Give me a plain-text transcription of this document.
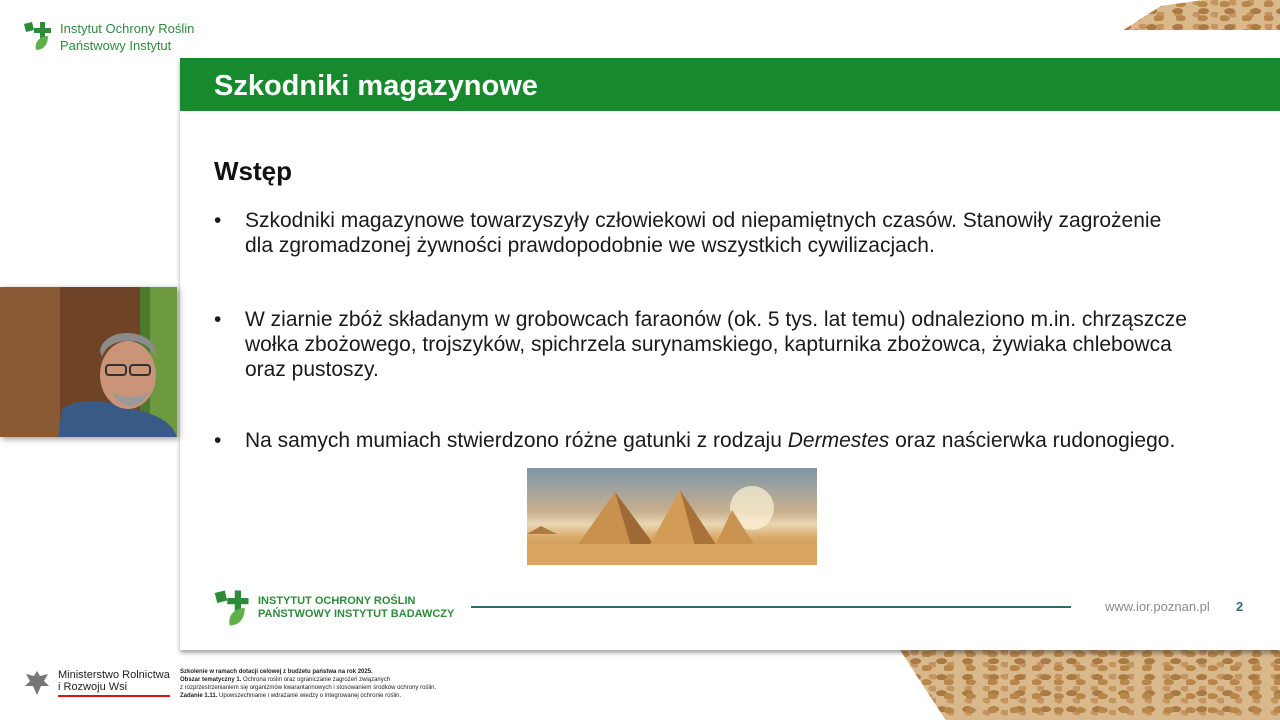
Instytut Ochrony Roślin
Państwowy Instytut
Szkodniki magazynowe
Wstęp
•	Szkodniki magazynowe towarzyszyły człowiekowi od niepamiętnych czasów. Stanowiły zagrożenie dla zgromadzonej żywności prawdopodobnie we wszystkich cywilizacjach.
•	W ziarnie zbóż składanym w grobowcach faraonów (ok. 5 tys. lat temu) odnaleziono m.in. chrząszcze wołka zbożowego, trojszyków, spichrzela surynamskiego, kapturnika zbożowca, żywiaka chlebowca oraz pustoszy.
•	Na samych mumiach stwierdzono różne gatunki z rodzaju Dermestes oraz naścierwka rudonogiego.
INSTYTUT OCHRONY ROŚLIN
PAŃSTWOWY INSTYTUT BADAWCZY	www.ior.poznan.pl 2
Ministerstwo Rolnictwa
i Rozwoju Wsi
Szkolenie w ramach dotacji celowej z budżetu państwa na rok 2025.
Obszar tematyczny 1. Ochrona roślin oraz ograniczanie zagrożeń związanych
z rozprzestrzenianiem się organizmów kwarantannowych i stosowaniem środków ochrony roślin.
Zadanie 1.11. Upowszechnianie i wdrażanie wiedzy o integrowanej ochronie roślin.
